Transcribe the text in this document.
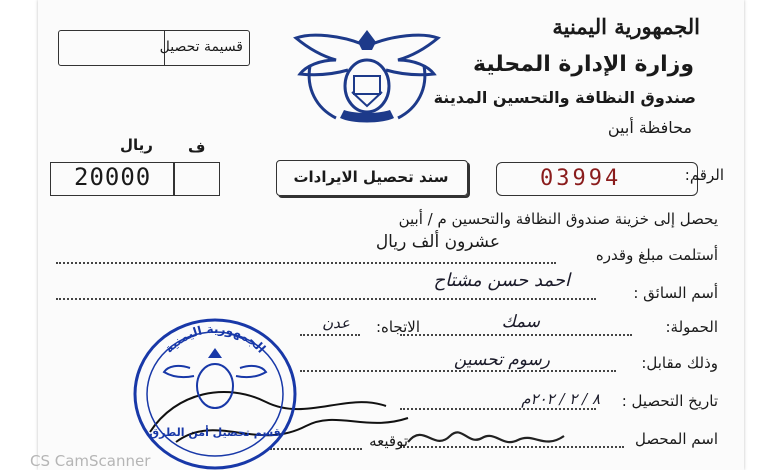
الجمهورية اليمنية
وزارة الإدارة المحلية
صندوق النظافة والتحسين المدينة
محافظة أبين
قسيمة تحصيل
ف
ريال
20000	سند تحصيل الايرادات	الرقم:
03994
يحصل إلى خزينة صندوق النظافة والتحسين م / أبين
أستلمت مبلغ وقدره
عشرون ألف ريال
أسم السائق :
احمد حسن مشتاح
الحمولة:
سمك
الاتجاه:
عدن
وذلك مقابل:
رسوم تحسين
تاريخ التحصيل :
٨ / ٢ / ٢٠٢م
اسم المحصل
توقيعه
الجمهورية اليمنية
قسم تحصيل أمن الطرق
CS CamScanner
